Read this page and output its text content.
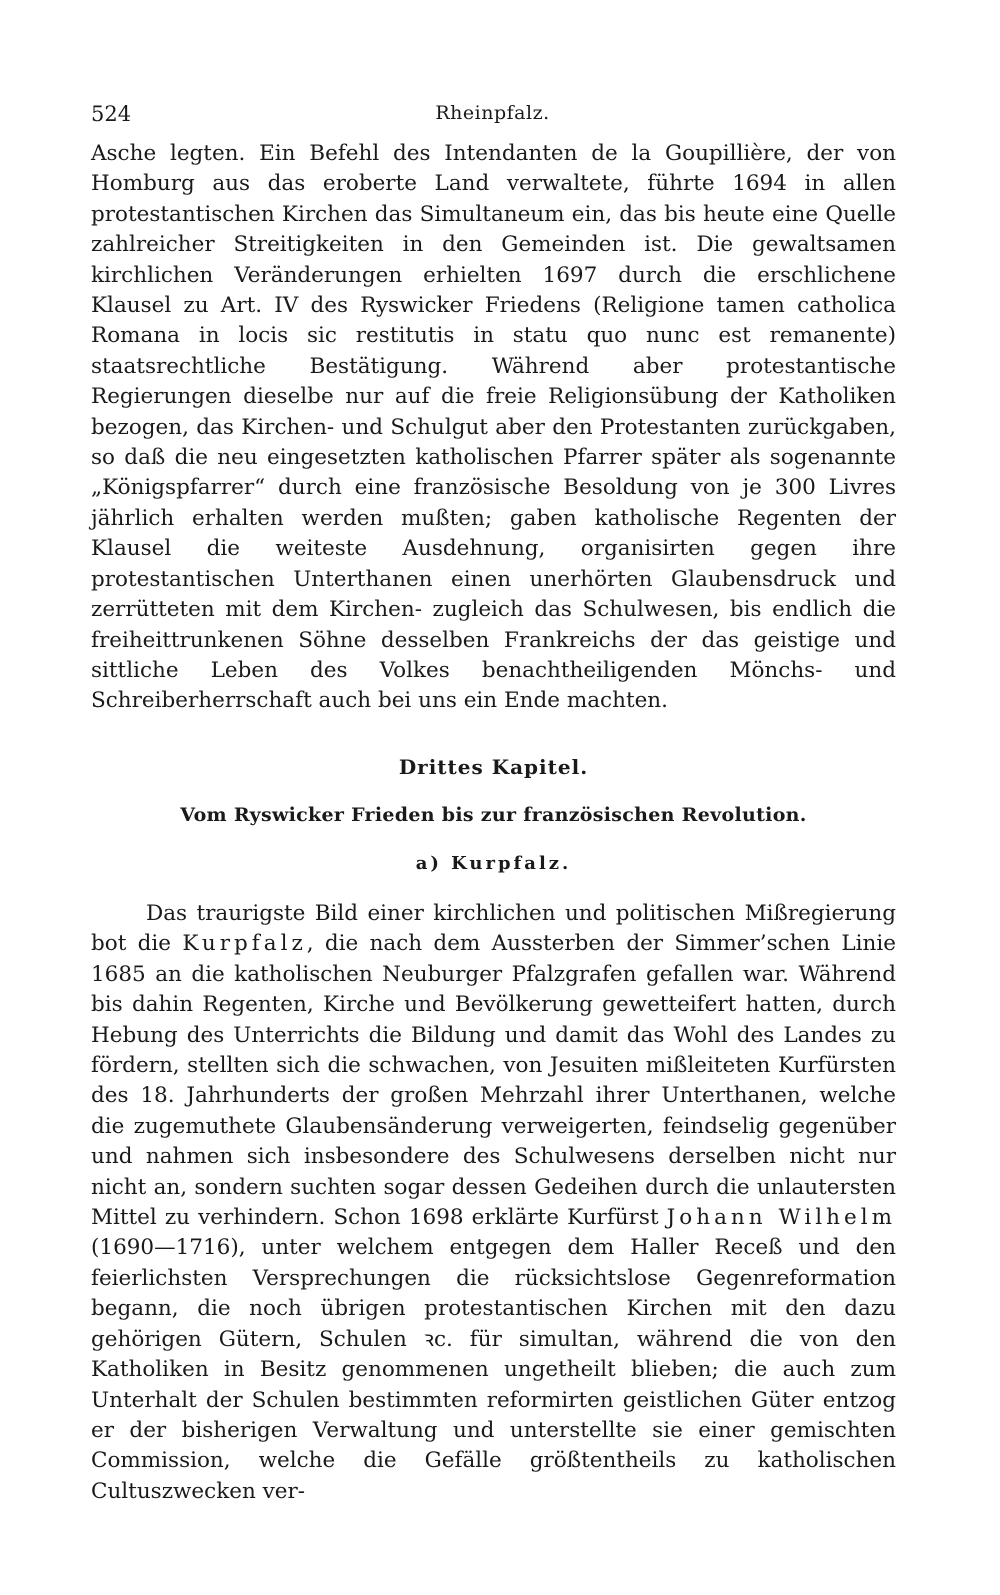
524	Rheinpfalz.

Asche legten. Ein Befehl des Intendanten de la Goupillière, der von Homburg aus das eroberte Land verwaltete, führte 1694 in allen protestantischen Kirchen das Simultaneum ein, das bis heute eine Quelle zahlreicher Streitigkeiten in den Gemeinden ist. Die gewaltsamen kirchlichen Veränderungen erhielten 1697 durch die erschlichene Klausel zu Art. IV des Ryswicker Friedens (Religione tamen catholica Romana in locis sic restitutis in statu quo nunc est remanente) staatsrechtliche Bestätigung. Während aber protestantische Regierungen dieselbe nur auf die freie Religionsübung der Katholiken bezogen, das Kirchen- und Schulgut aber den Protestanten zurückgaben, so daß die neu eingesetzten katholischen Pfarrer später als sogenannte „Königspfarrer“ durch eine französische Besoldung von je 300 Livres jährlich erhalten werden mußten; gaben katholische Regenten der Klausel die weiteste Ausdehnung, organisirten gegen ihre protestantischen Unterthanen einen unerhörten Glaubensdruck und zerrütteten mit dem Kirchen- zugleich das Schulwesen, bis endlich die freiheittrunkenen Söhne desselben Frankreichs der das geistige und sittliche Leben des Volkes benachtheiligenden Mönchs- und Schreiberherrschaft auch bei uns ein Ende machten.

Drittes Kapitel.
Vom Ryswicker Frieden bis zur französischen Revolution.
a) Kurpfalz.

Das traurigste Bild einer kirchlichen und politischen Mißregierung bot die Kurpfalz, die nach dem Aussterben der Simmer’schen Linie 1685 an die katholischen Neuburger Pfalzgrafen gefallen war. Während bis dahin Regenten, Kirche und Bevölkerung gewetteifert hatten, durch Hebung des Unterrichts die Bildung und damit das Wohl des Landes zu fördern, stellten sich die schwachen, von Jesuiten mißleiteten Kurfürsten des 18. Jahrhunderts der großen Mehrzahl ihrer Unterthanen, welche die zugemuthete Glaubensänderung verweigerten, feindselig gegenüber und nahmen sich insbesondere des Schulwesens derselben nicht nur nicht an, sondern suchten sogar dessen Gedeihen durch die unlautersten Mittel zu verhindern. Schon 1698 erklärte Kurfürst Johann Wilhelm (1690—1716), unter welchem entgegen dem Haller Receß und den feierlichsten Versprechungen die rücksichtslose Gegenreformation begann, die noch übrigen protestantischen Kirchen mit den dazu gehörigen Gütern, Schulen ꝛc. für simultan, während die von den Katholiken in Besitz genommenen ungetheilt blieben; die auch zum Unterhalt der Schulen bestimmten reformirten geistlichen Güter entzog er der bisherigen Verwaltung und unterstellte sie einer gemischten Commission, welche die Gefälle größtentheils zu katholischen Cultuszwecken ver-
